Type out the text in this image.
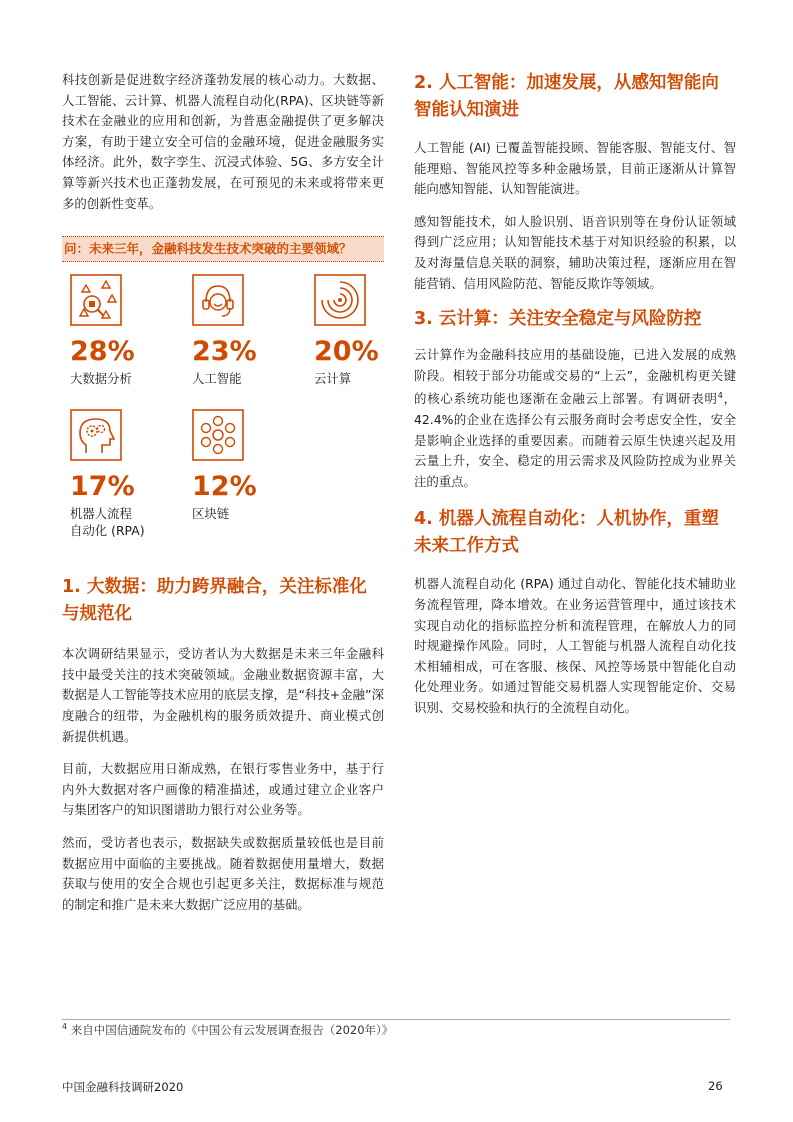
科技创新是促进数字经济蓬勃发展的核心动力。大数据、人工智能、云计算、机器人流程自动化(RPA)、区块链等新技术在金融业的应用和创新，为普惠金融提供了更多解决方案，有助于建立安全可信的金融环境，促进金融服务实体经济。此外，数字孪生、沉浸式体验、5G、多方安全计算等新兴技术也正蓬勃发展，在可预见的未来或将带来更多的创新性变革。

问：未来三年，金融科技发生技术突破的主要领域？
28%
大数据分析
23%
人工智能
20%
云计算
17%
机器人流程
自动化 (RPA)
12%
区块链
1. 大数据：助力跨界融合，关注标准化与规范化

本次调研结果显示，受访者认为大数据是未来三年金融科技中最受关注的技术突破领域。金融业数据资源丰富，大数据是人工智能等技术应用的底层支撑，是“科技+金融”深度融合的纽带，为金融机构的服务质效提升、商业模式创新提供机遇。

目前，大数据应用日渐成熟，在银行零售业务中，基于行内外大数据对客户画像的精准描述，或通过建立企业客户与集团客户的知识图谱助力银行对公业务等。

然而，受访者也表示，数据缺失或数据质量较低也是目前数据应用中面临的主要挑战。随着数据使用量增大，数据获取与使用的安全合规也引起更多关注，数据标准与规范的制定和推广是未来大数据广泛应用的基础。

2. 人工智能：加速发展，从感知智能向智能认知演进

人工智能 (AI) 已覆盖智能投顾、智能客服、智能支付、智能理赔、智能风控等多种金融场景，目前正逐渐从计算智能向感知智能、认知智能演进。

感知智能技术，如人脸识别、语音识别等在身份认证领域得到广泛应用；认知智能技术基于对知识经验的积累，以及对海量信息关联的洞察，辅助决策过程，逐渐应用在智能营销、信用风险防范、智能反欺诈等领域。

3. 云计算：关注安全稳定与风险防控

云计算作为金融科技应用的基础设施，已进入发展的成熟阶段。相较于部分功能或交易的“上云”，金融机构更关键的核心系统功能也逐渐在金融云上部署。有调研表明$^4$，42.4%的企业在选择公有云服务商时会考虑安全性，安全是影响企业选择的重要因素。而随着云原生快速兴起及用云量上升，安全、稳定的用云需求及风险防控成为业界关注的重点。

4. 机器人流程自动化：人机协作，重塑未来工作方式

机器人流程自动化 (RPA) 通过自动化、智能化技术辅助业务流程管理，降本增效。在业务运营管理中，通过该技术实现自动化的指标监控分析和流程管理，在解放人力的同时规避操作风险。同时，人工智能与机器人流程自动化技术相辅相成，可在客服、核保、风控等场景中智能化自动化处理业务。如通过智能交易机器人实现智能定价、交易识别、交易校验和执行的全流程自动化。

$^4$ 来自中国信通院发布的《中国公有云发展调查报告（2020年）》
中国金融科技调研2020	26
